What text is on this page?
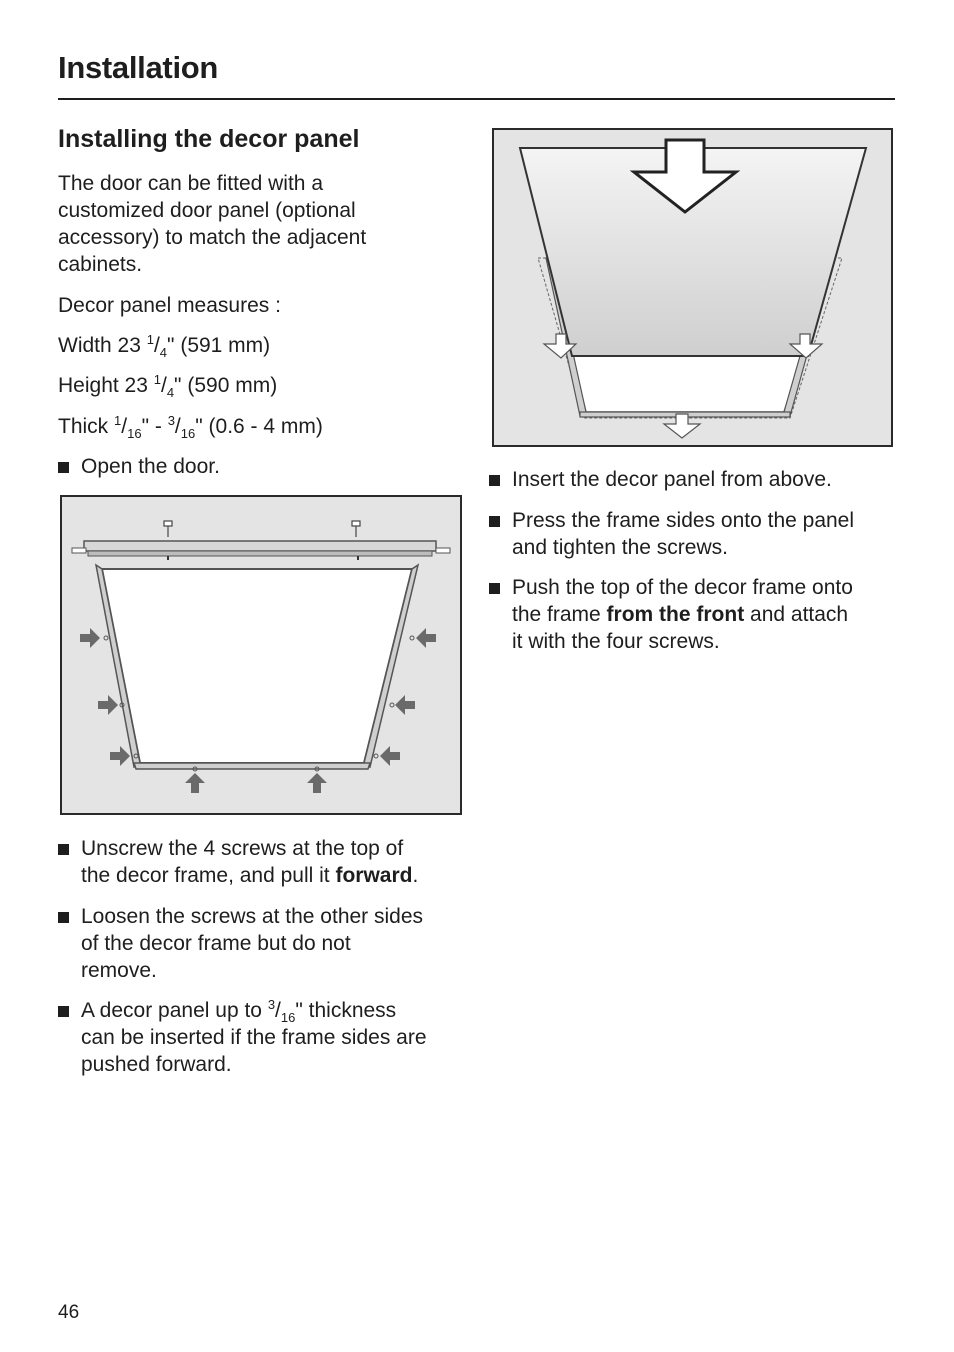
Installation
Installing the decor panel
The door can be fitted with a
customized door panel (optional
accessory) to match the adjacent
cabinets.
Decor panel measures :
Width 23 $^1/_4$" (591 mm)
Height 23 $^1/_4$" (590 mm)
Thick $^1/_{16}$" - $^3/_{16}$" (0.6 - 4 mm)
Open the door.
Unscrew the 4 screws at the top of
the decor frame, and pull it forward.
Loosen the screws at the other sides
of the decor frame but do not
remove.
A decor panel up to $^3/_{16}$" thickness
can be inserted if the frame sides are
pushed forward.
Insert the decor panel from above.
Press the frame sides onto the panel
and tighten the screws.
Push the top of the decor frame onto
the frame from the front and attach
it with the four screws.
46
